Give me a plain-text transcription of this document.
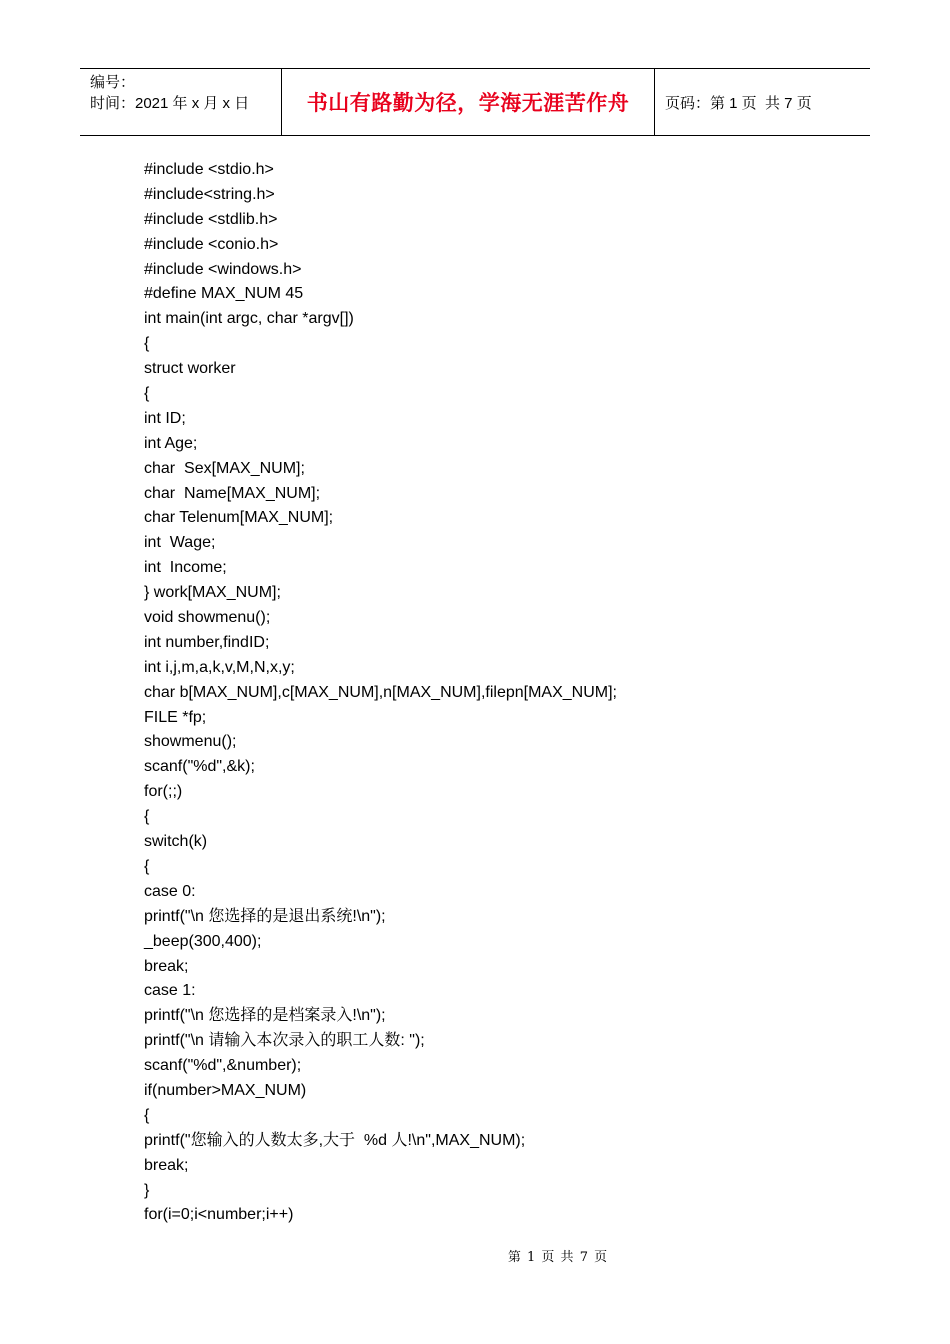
编号：
时间：2021 年 x 月 x 日	书山有路勤为径，学海无涯苦作舟 页码：第 1 页  共 7 页
#include <stdio.h>
#include<string.h>
#include <stdlib.h>
#include <conio.h>
#include <windows.h>
#define MAX_NUM 45
int main(int argc, char *argv[])
{
struct worker
{
int ID;
int Age;
char  Sex[MAX_NUM];
char  Name[MAX_NUM];
char Telenum[MAX_NUM];
int  Wage;
int  Income;
} work[MAX_NUM];
void showmenu();
int number,findID;
int i,j,m,a,k,v,M,N,x,y;
char b[MAX_NUM],c[MAX_NUM],n[MAX_NUM],filepn[MAX_NUM];
FILE *fp;
showmenu();
scanf("%d",&k);
for(;;)
{
switch(k)
{
case 0:
printf("\n 您选择的是退出系统!\n");
_beep(300,400);
break;
case 1:
printf("\n 您选择的是档案录入!\n");
printf("\n 请输入本次录入的职工人数: ");
scanf("%d",&number);
if(number>MAX_NUM)
{
printf("您输入的人数太多,大于  %d 人!\n",MAX_NUM);
break;
}
for(i=0;i<number;i++)
第 1 页 共 7 页
